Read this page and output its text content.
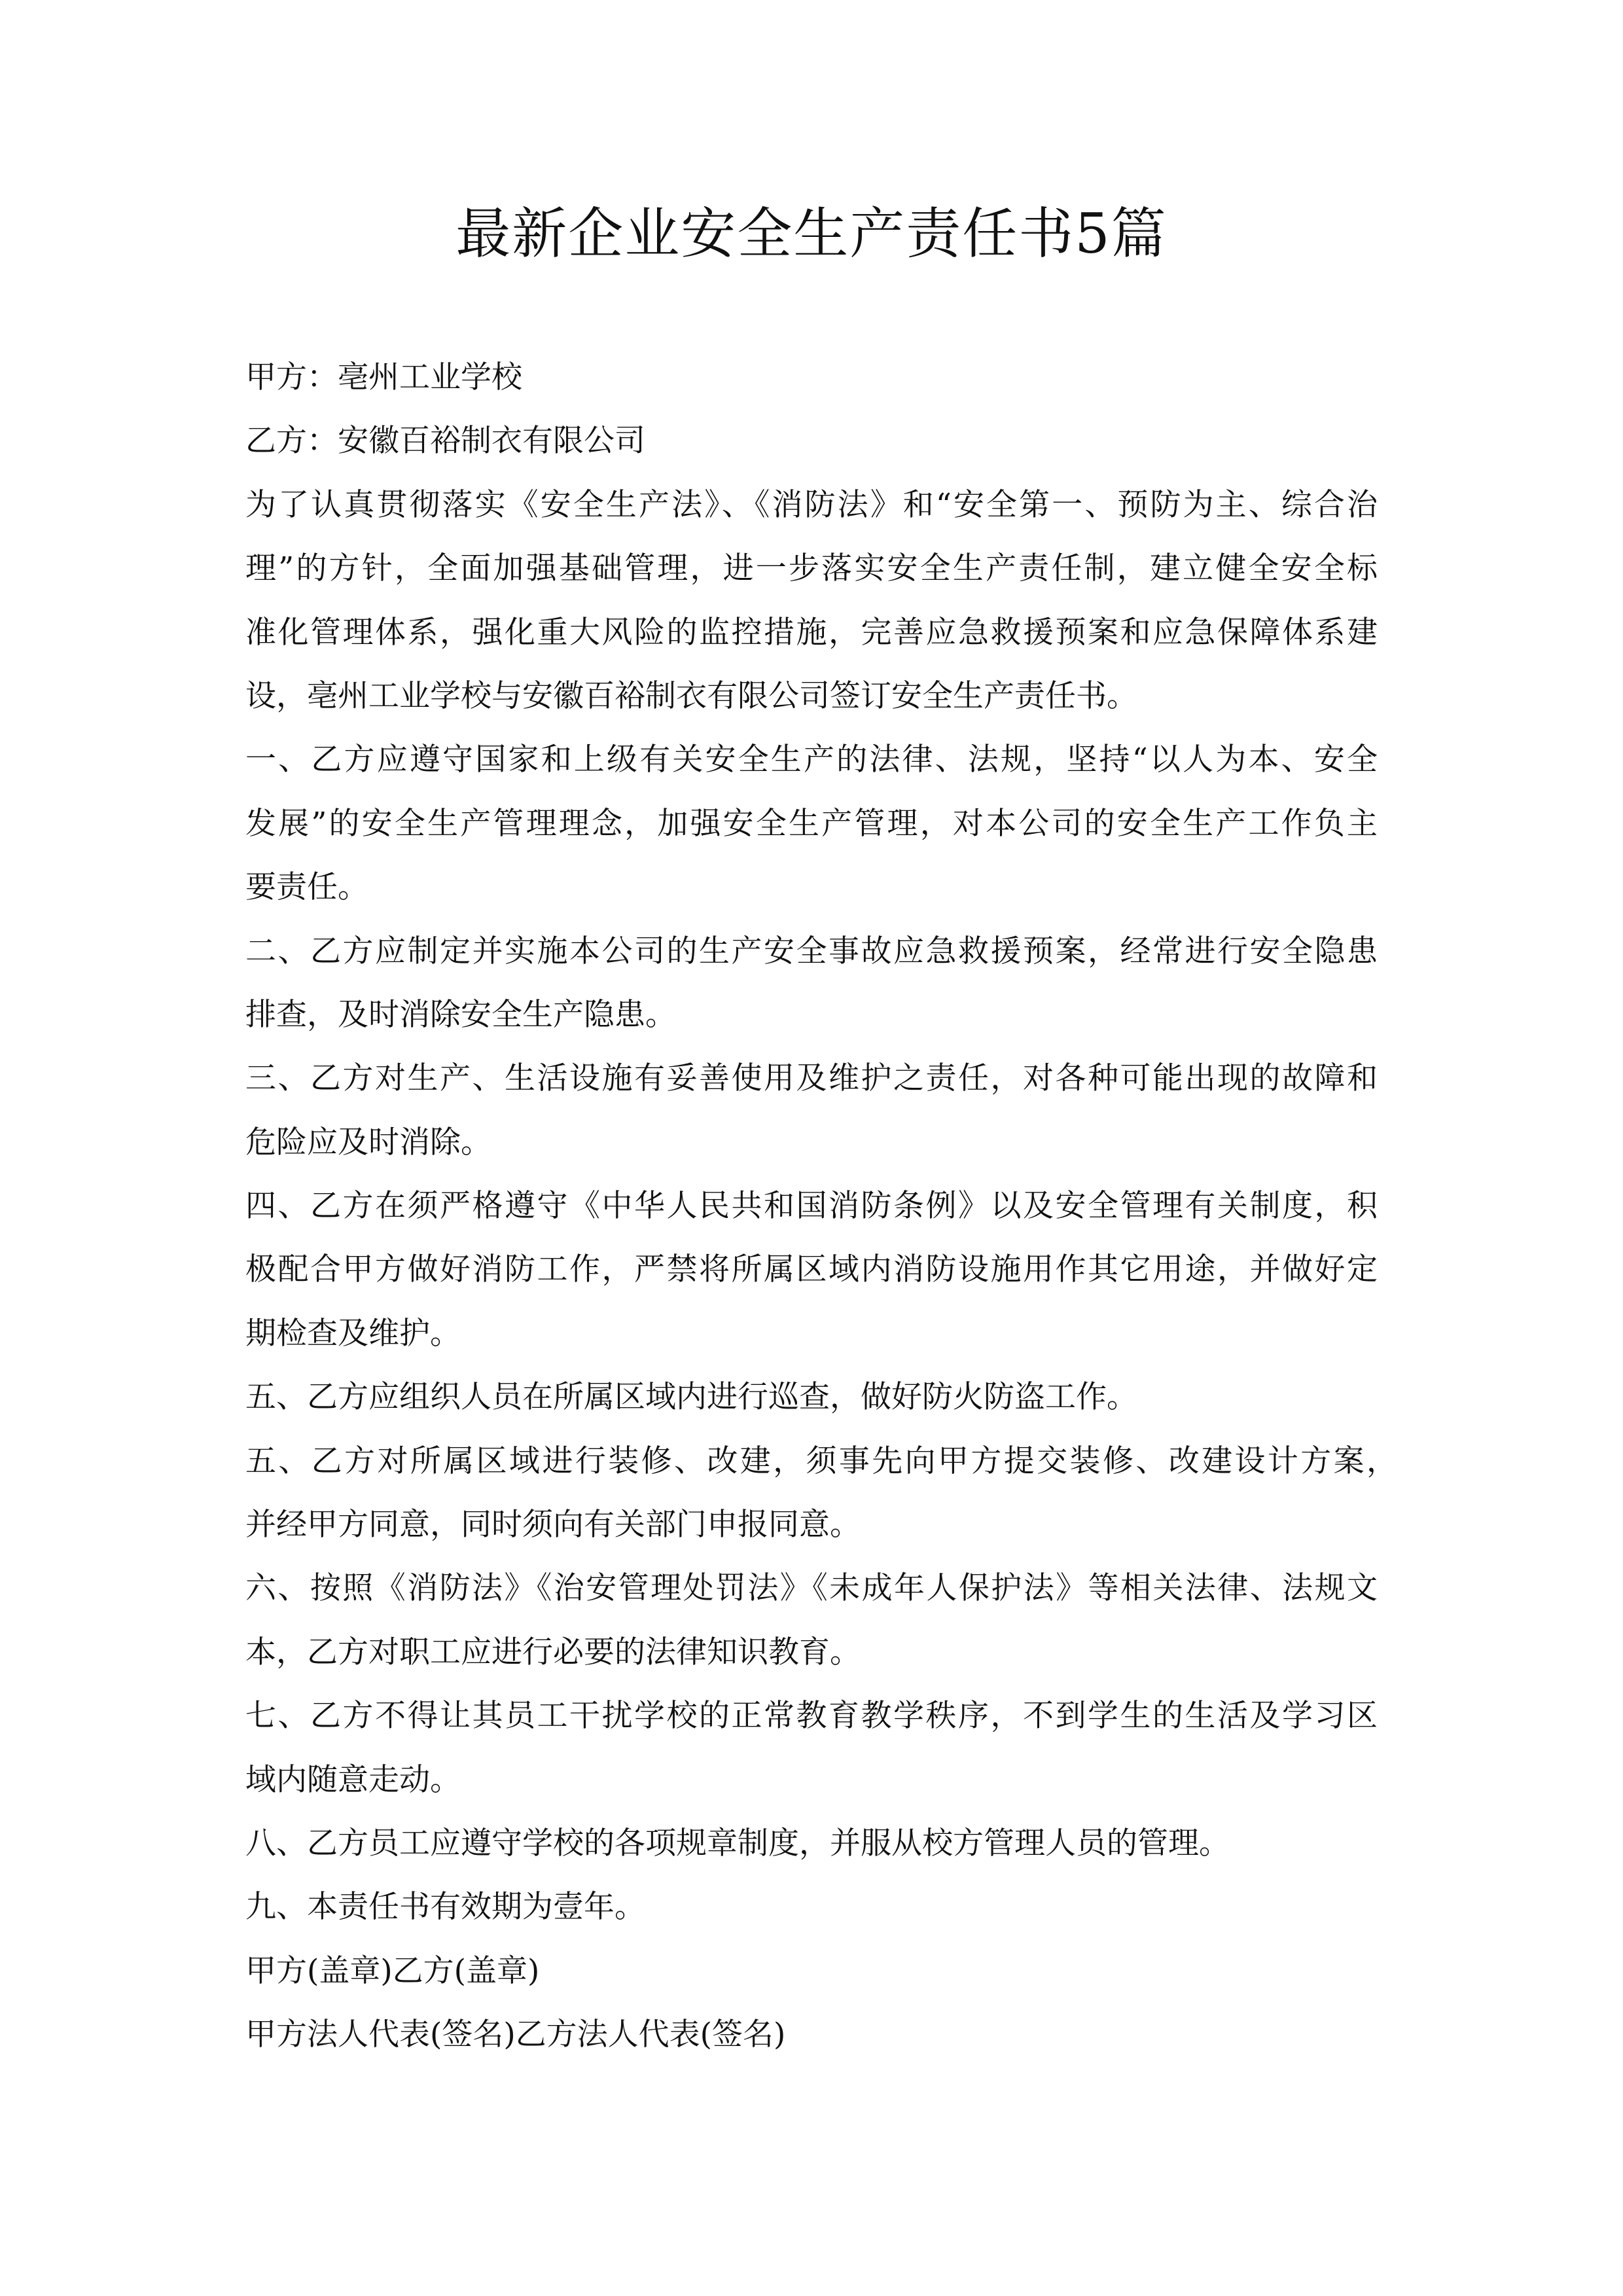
最新企业安全生产责任书5篇
甲方：亳州工业学校
乙方：安徽百裕制衣有限公司
为了认真贯彻落实《安全生产法》、《消防法》和“安全第一、预防为主、综合治
理”的方针，全面加强基础管理，进一步落实安全生产责任制，建立健全安全标
准化管理体系，强化重大风险的监控措施，完善应急救援预案和应急保障体系建
设，亳州工业学校与安徽百裕制衣有限公司签订安全生产责任书。
一、乙方应遵守国家和上级有关安全生产的法律、法规，坚持“以人为本、安全
发展”的安全生产管理理念，加强安全生产管理，对本公司的安全生产工作负主
要责任。
二、乙方应制定并实施本公司的生产安全事故应急救援预案，经常进行安全隐患
排查，及时消除安全生产隐患。
三、乙方对生产、生活设施有妥善使用及维护之责任，对各种可能出现的故障和
危险应及时消除。
四、乙方在须严格遵守《中华人民共和国消防条例》以及安全管理有关制度，积
极配合甲方做好消防工作，严禁将所属区域内消防设施用作其它用途，并做好定
期检查及维护。
五、乙方应组织人员在所属区域内进行巡查，做好防火防盗工作。
五、乙方对所属区域进行装修、改建，须事先向甲方提交装修、改建设计方案，
并经甲方同意，同时须向有关部门申报同意。
六、按照《消防法》《治安管理处罚法》《未成年人保护法》等相关法律、法规文
本，乙方对职工应进行必要的法律知识教育。
七、乙方不得让其员工干扰学校的正常教育教学秩序，不到学生的生活及学习区
域内随意走动。
八、乙方员工应遵守学校的各项规章制度，并服从校方管理人员的管理。
九、本责任书有效期为壹年。
甲方(盖章)乙方(盖章)
甲方法人代表(签名)乙方法人代表(签名)
